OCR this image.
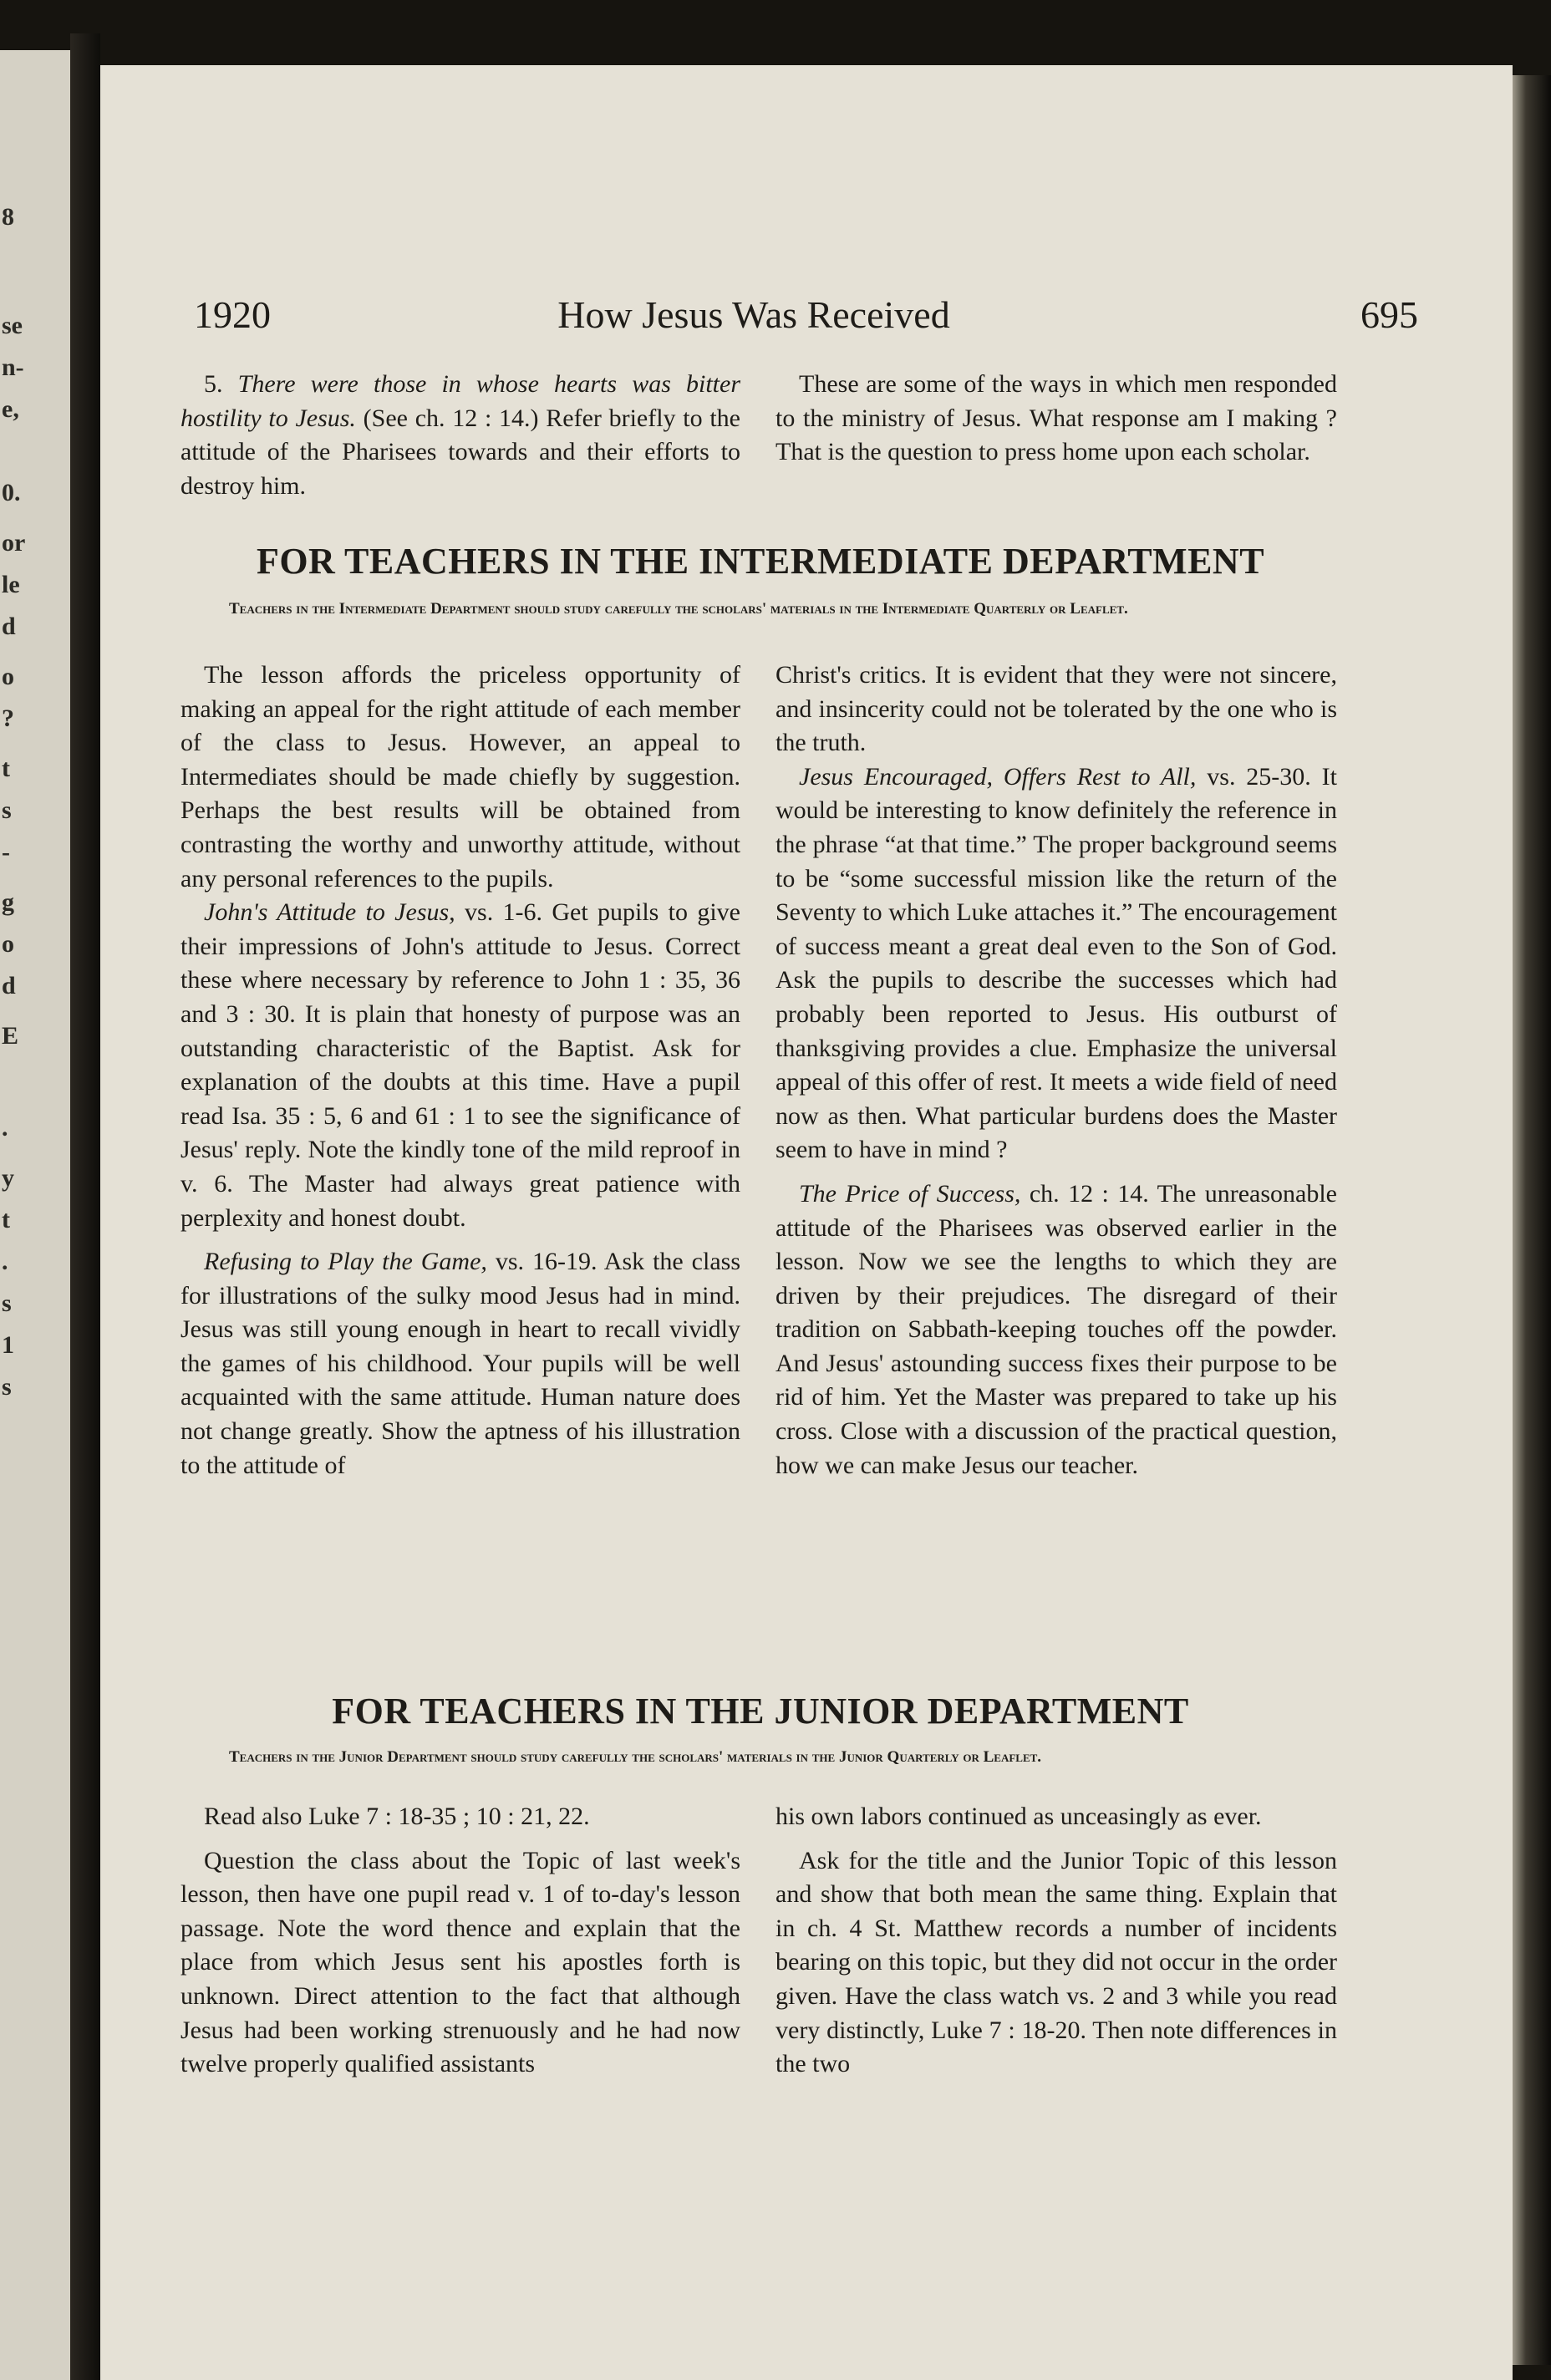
8
se
n-
e,
0.
or
le
d
o
?
t
s
-
g
o
d
E
.
y
t
.
s
1
s
1920	How Jesus Was Received	695

5. There were those in whose hearts was bitter hostility to Jesus. (See ch. 12 : 14.) Refer briefly to the attitude of the Pharisees towards and their efforts to destroy him.

These are some of the ways in which men responded to the ministry of Jesus. What response am I making ? That is the question to press home upon each scholar.

FOR TEACHERS IN THE INTERMEDIATE DEPARTMENT
Teachers in the Intermediate Department should study carefully the scholars' materials in the Intermediate Quarterly or Leaflet.

The lesson affords the priceless opportunity of making an appeal for the right attitude of each member of the class to Jesus. However, an appeal to Intermediates should be made chiefly by suggestion. Perhaps the best results will be obtained from contrasting the worthy and unworthy attitude, without any personal references to the pupils.

John's Attitude to Jesus, vs. 1-6. Get pupils to give their impressions of John's attitude to Jesus. Correct these where necessary by reference to John 1 : 35, 36 and 3 : 30. It is plain that honesty of purpose was an outstanding characteristic of the Baptist. Ask for explanation of the doubts at this time. Have a pupil read Isa. 35 : 5, 6 and 61 : 1 to see the significance of Jesus' reply. Note the kindly tone of the mild reproof in v. 6. The Master had always great patience with perplexity and honest doubt.

Refusing to Play the Game, vs. 16-19. Ask the class for illustrations of the sulky mood Jesus had in mind. Jesus was still young enough in heart to recall vividly the games of his childhood. Your pupils will be well acquainted with the same attitude. Human nature does not change greatly. Show the aptness of his illustration to the attitude of

Christ's critics. It is evident that they were not sincere, and insincerity could not be tolerated by the one who is the truth.

Jesus Encouraged, Offers Rest to All, vs. 25-30. It would be interesting to know definitely the reference in the phrase “at that time.” The proper background seems to be “some successful mission like the return of the Seventy to which Luke attaches it.” The encouragement of success meant a great deal even to the Son of God. Ask the pupils to describe the successes which had probably been reported to Jesus. His outburst of thanksgiving provides a clue. Emphasize the universal appeal of this offer of rest. It meets a wide field of need now as then. What particular burdens does the Master seem to have in mind ?

The Price of Success, ch. 12 : 14. The unreasonable attitude of the Pharisees was observed earlier in the lesson. Now we see the lengths to which they are driven by their prejudices. The disregard of their tradition on Sabbath-keeping touches off the powder. And Jesus' astounding success fixes their purpose to be rid of him. Yet the Master was prepared to take up his cross. Close with a discussion of the practical question, how we can make Jesus our teacher.

FOR TEACHERS IN THE JUNIOR DEPARTMENT
Teachers in the Junior Department should study carefully the scholars' materials in the Junior Quarterly or Leaflet.

Read also Luke 7 : 18-35 ; 10 : 21, 22.

Question the class about the Topic of last week's lesson, then have one pupil read v. 1 of to-day's lesson passage. Note the word thence and explain that the place from which Jesus sent his apostles forth is unknown. Direct attention to the fact that although Jesus had been working strenuously and he had now twelve properly qualified assistants

his own labors continued as unceasingly as ever.

Ask for the title and the Junior Topic of this lesson and show that both mean the same thing. Explain that in ch. 4 St. Matthew records a number of incidents bearing on this topic, but they did not occur in the order given. Have the class watch vs. 2 and 3 while you read very distinctly, Luke 7 : 18-20. Then note differences in the two
